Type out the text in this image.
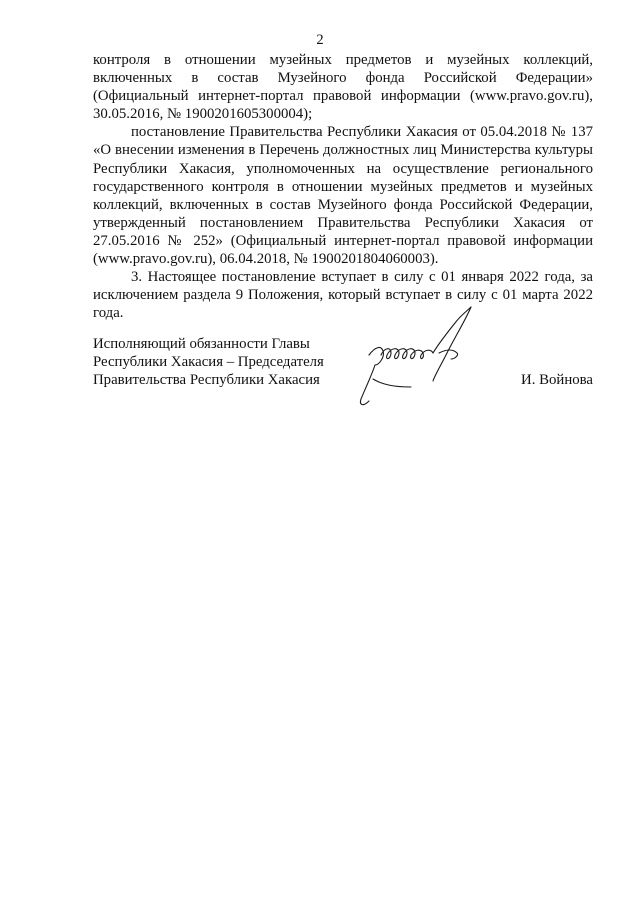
2

контроля в отношении музейных предметов и музейных коллекций, включенных в состав Музейного фонда Российской Федерации» (Официальный интернет-портал правовой информации (www.pravo.gov.ru), 30.05.2016, № 1900201605300004);

постановление Правительства Республики Хакасия от 05.04.2018 № 137 «О внесении изменения в Перечень должностных лиц Министерства культуры Республики Хакасия, уполномоченных на осуществление регионального государственного контроля в отношении музейных предметов и музейных коллекций, включенных в состав Музейного фонда Российской Федерации, утвержденный постановлением Правительства Республики Хакасия от 27.05.2016 № 252» (Официальный интернет-портал правовой информации (www.pravo.gov.ru), 06.04.2018, № 1900201804060003).

3. Настоящее постановление вступает в силу с 01 января 2022 года, за исключением раздела 9 Положения, который вступает в силу с 01 марта 2022 года.

Исполняющий обязанности Главы
Республики Хакасия – Председателя
Правительства Республики Хакасия	И. Войнова
